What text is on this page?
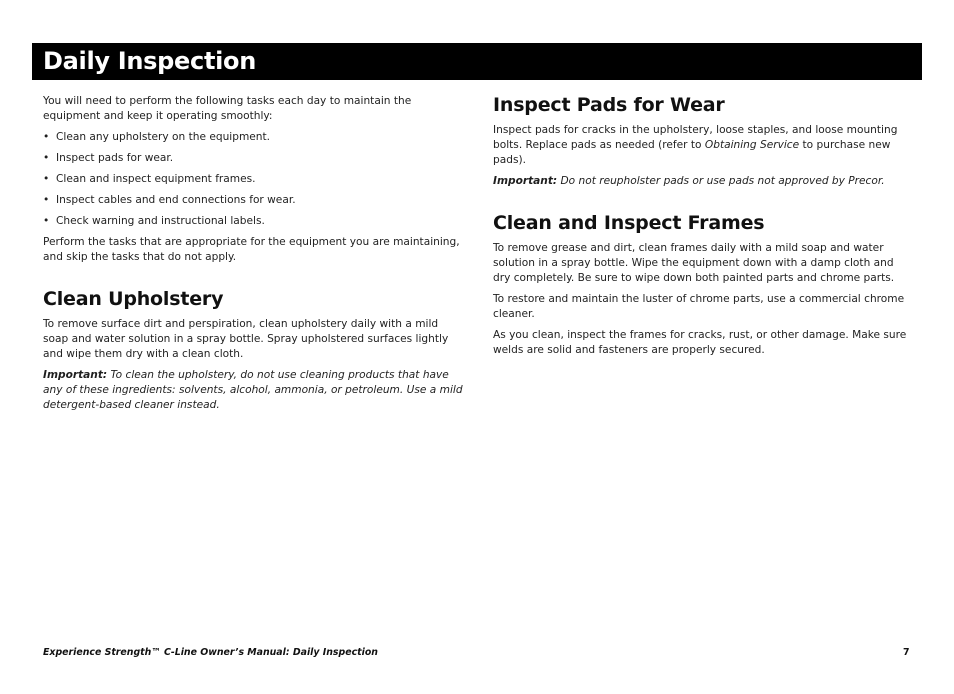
Daily Inspection

You will need to perform the following tasks each day to maintain the equipment and keep it operating smoothly:

• Clean any upholstery on the equipment.
• Inspect pads for wear.
• Clean and inspect equipment frames.
• Inspect cables and end connections for wear.
• Check warning and instructional labels.

Perform the tasks that are appropriate for the equipment you are maintaining, and skip the tasks that do not apply.

Clean Upholstery

To remove surface dirt and perspiration, clean upholstery daily with a mild soap and water solution in a spray bottle. Spray upholstered surfaces lightly and wipe them dry with a clean cloth.

Important: To clean the upholstery, do not use cleaning products that have any of these ingredients: solvents, alcohol, ammonia, or petroleum. Use a mild detergent-based cleaner instead.

Inspect Pads for Wear

Inspect pads for cracks in the upholstery, loose staples, and loose mounting bolts. Replace pads as needed (refer to Obtaining Service to purchase new pads).

Important: Do not reupholster pads or use pads not approved by Precor.

Clean and Inspect Frames

To remove grease and dirt, clean frames daily with a mild soap and water solution in a spray bottle. Wipe the equipment down with a damp cloth and dry completely. Be sure to wipe down both painted parts and chrome parts.

To restore and maintain the luster of chrome parts, use a commercial chrome cleaner.

As you clean, inspect the frames for cracks, rust, or other damage. Make sure welds are solid and fasteners are properly secured.

Experience Strength™ C-Line Owner’s Manual: Daily Inspection	7
